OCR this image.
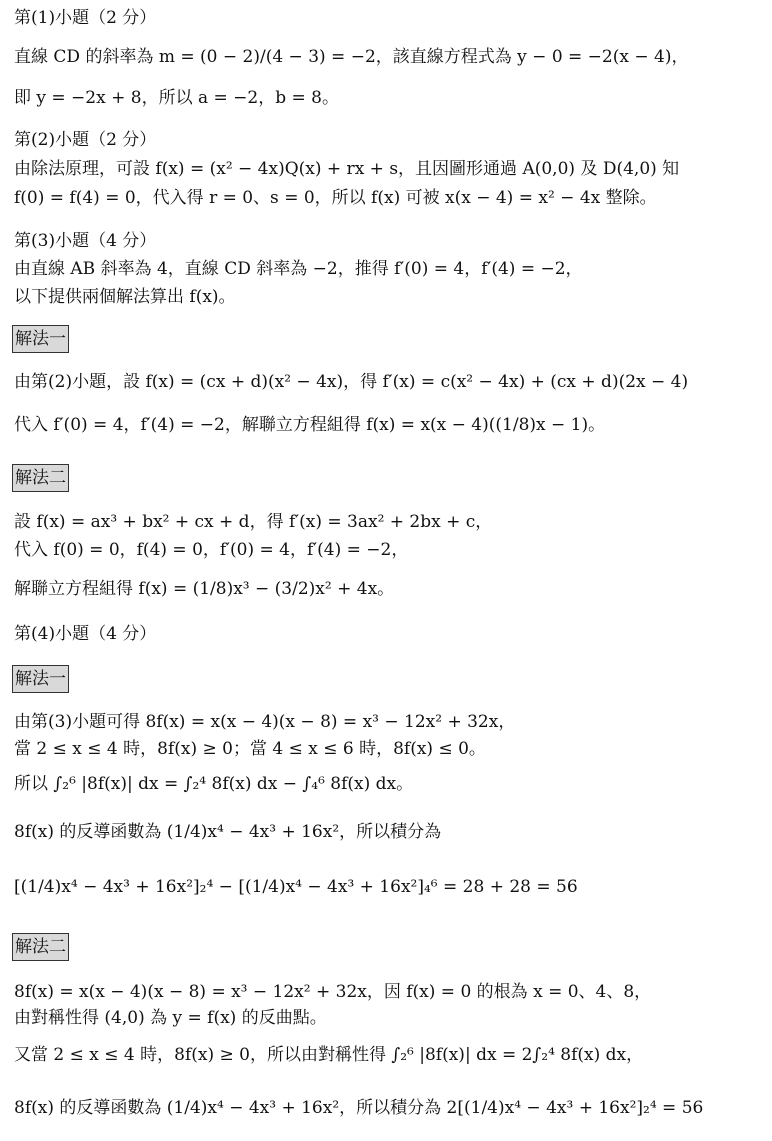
第(1)小題（2 分）
直線 CD 的斜率為 m = (0 − 2)/(4 − 3) = −2，該直線方程式為 y − 0 = −2(x − 4)，
即 y = −2x + 8，所以 a = −2，b = 8。
第(2)小題（2 分）
由除法原理，可設 f(x) = (x² − 4x)Q(x) + rx + s，且因圖形通過 A(0,0) 及 D(4,0) 知
f(0) = f(4) = 0，代入得 r = 0、s = 0，所以 f(x) 可被 x(x − 4) = x² − 4x 整除。
第(3)小題（4 分）
由直線 AB 斜率為 4，直線 CD 斜率為 −2，推得 f′(0) = 4，f′(4) = −2，
以下提供兩個解法算出 f(x)。
解法一
由第(2)小題，設 f(x) = (cx + d)(x² − 4x)，得 f′(x) = c(x² − 4x) + (cx + d)(2x − 4)
代入 f′(0) = 4，f′(4) = −2，解聯立方程組得 f(x) = x(x − 4)((1/8)x − 1)。
解法二
設 f(x) = ax³ + bx² + cx + d，得 f′(x) = 3ax² + 2bx + c，
代入 f(0) = 0，f(4) = 0，f′(0) = 4，f′(4) = −2，
解聯立方程組得 f(x) = (1/8)x³ − (3/2)x² + 4x。
第(4)小題（4 分）
解法一
由第(3)小題可得 8f(x) = x(x − 4)(x − 8) = x³ − 12x² + 32x，
當 2 ≤ x ≤ 4 時，8f(x) ≥ 0；當 4 ≤ x ≤ 6 時，8f(x) ≤ 0。
所以 ∫₂⁶ |8f(x)| dx = ∫₂⁴ 8f(x) dx − ∫₄⁶ 8f(x) dx。
8f(x) 的反導函數為 (1/4)x⁴ − 4x³ + 16x²，所以積分為
[(1/4)x⁴ − 4x³ + 16x²]₂⁴ − [(1/4)x⁴ − 4x³ + 16x²]₄⁶ = 28 + 28 = 56
解法二
8f(x) = x(x − 4)(x − 8) = x³ − 12x² + 32x，因 f(x) = 0 的根為 x = 0、4、8，
由對稱性得 (4,0) 為 y = f(x) 的反曲點。
又當 2 ≤ x ≤ 4 時，8f(x) ≥ 0，所以由對稱性得 ∫₂⁶ |8f(x)| dx = 2∫₂⁴ 8f(x) dx，
8f(x) 的反導函數為 (1/4)x⁴ − 4x³ + 16x²，所以積分為 2[(1/4)x⁴ − 4x³ + 16x²]₂⁴ = 56
